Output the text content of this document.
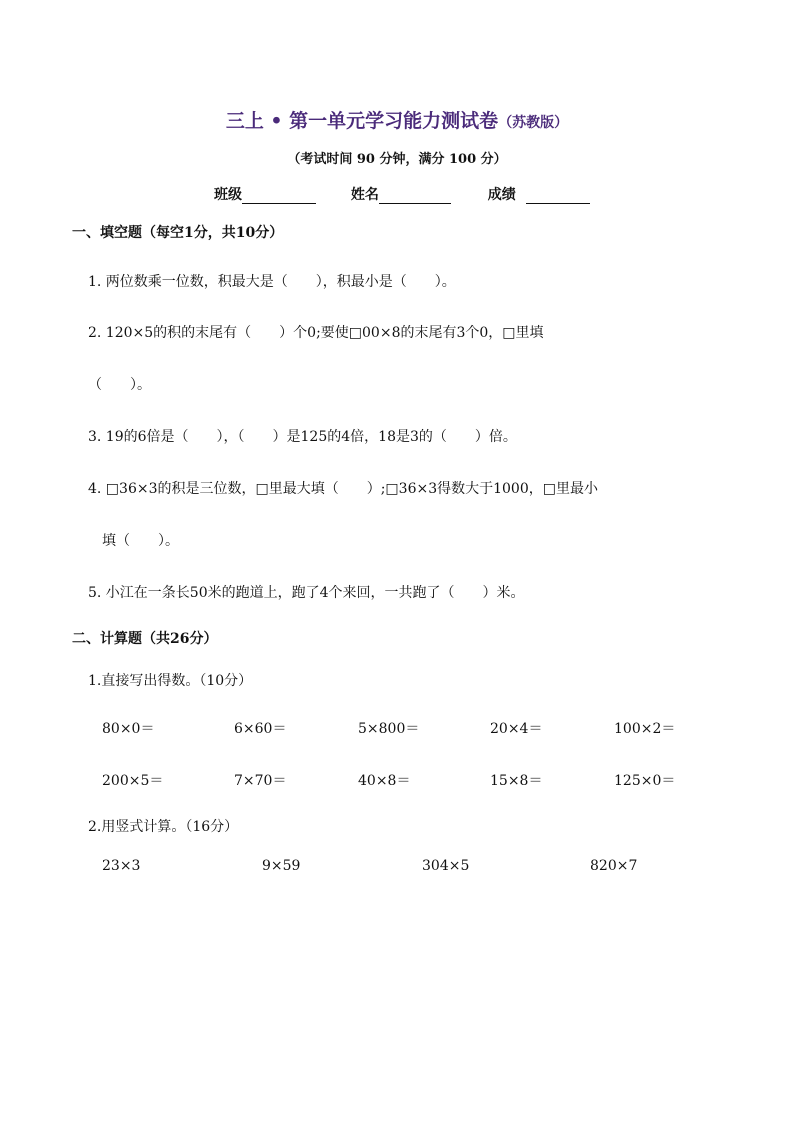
三上 • 第一单元学习能力测试卷（苏教版）
（考试时间 90 分钟，满分 100 分）
班级	姓名	成绩
一、填空题（每空1分，共10分）
1. 两位数乘一位数，积最大是（　　），积最小是（　　）。
2. 120×5的积的末尾有（　　）个0;要使□00×8的末尾有3个0，□里填
（　　）。
3. 19的6倍是（　　），（　　）是125的4倍，18是3的（　　）倍。
4. □36×3的积是三位数，□里最大填（　　）;□36×3得数大于1000，□里最小
填（　　）。
5. 小江在一条长50米的跑道上，跑了4个来回，一共跑了（　　）米。
二、计算题（共26分）
1.直接写出得数。（10分）
80×0＝	6×60＝	5×800＝	20×4＝	100×2＝
200×5＝	7×70＝	40×8＝	15×8＝	125×0＝
2.用竖式计算。（16分）
23×3	9×59	304×5	820×7
